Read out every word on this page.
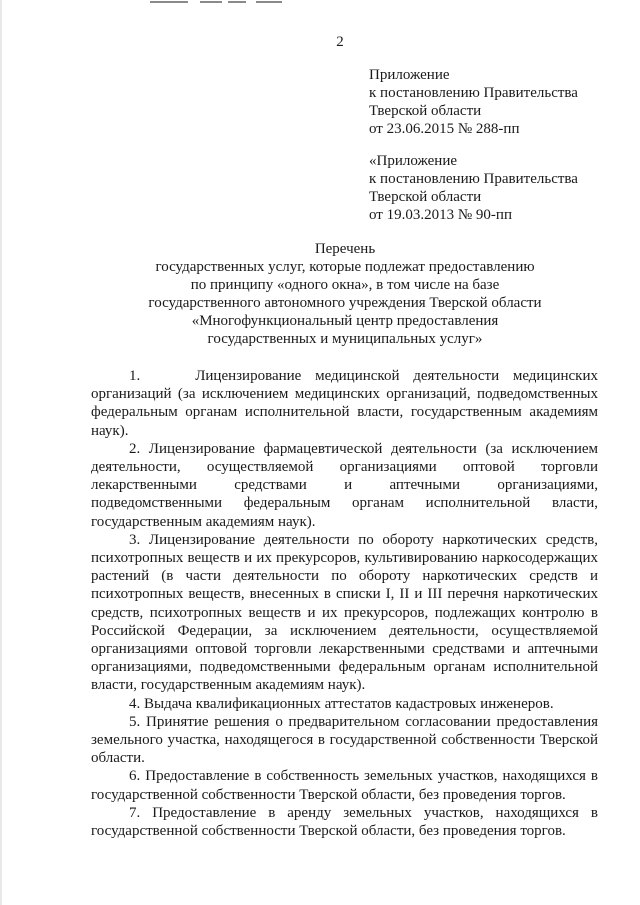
2
Приложение
к постановлению Правительства
Тверской области
от 23.06.2015 № 288-пп
«Приложение
к постановлению Правительства
Тверской области
от 19.03.2013 № 90-пп
Перечень
государственных услуг, которые подлежат предоставлению
по принципу «одного окна», в том числе на базе
государственного автономного учреждения Тверской области
«Многофункциональный центр предоставления
государственных и муниципальных услуг»

1.    Лицензирование медицинской деятельности медицинских организаций (за исключением медицинских организаций, подведомственных федеральным органам исполнительной власти, государственным академиям наук).

2. Лицензирование фармацевтической деятельности (за исключением деятельности, осуществляемой организациями оптовой торговли лекарственными средствами и аптечными организациями, подведомственными федеральным органам исполнительной власти, государственным академиям наук).

3. Лицензирование деятельности по обороту наркотических средств, психотропных веществ и их прекурсоров, культивированию наркосодержащих растений (в части деятельности по обороту наркотических средств и психотропных веществ, внесенных в списки I, II и III перечня наркотических средств, психотропных веществ и их прекурсоров, подлежащих контролю в Российской Федерации, за исключением деятельности, осуществляемой организациями оптовой торговли лекарственными средствами и аптечными организациями, подведомственными федеральным органам исполнительной власти, государственным академиям наук).

4. Выдача квалификационных аттестатов кадастровых инженеров.

5. Принятие решения о предварительном согласовании предоставления земельного участка, находящегося в государственной собственности Тверской области.

6. Предоставление в собственность земельных участков, находящихся в государственной собственности Тверской области, без проведения торгов.

7. Предоставление в аренду земельных участков, находящихся в государственной собственности Тверской области, без проведения торгов.
